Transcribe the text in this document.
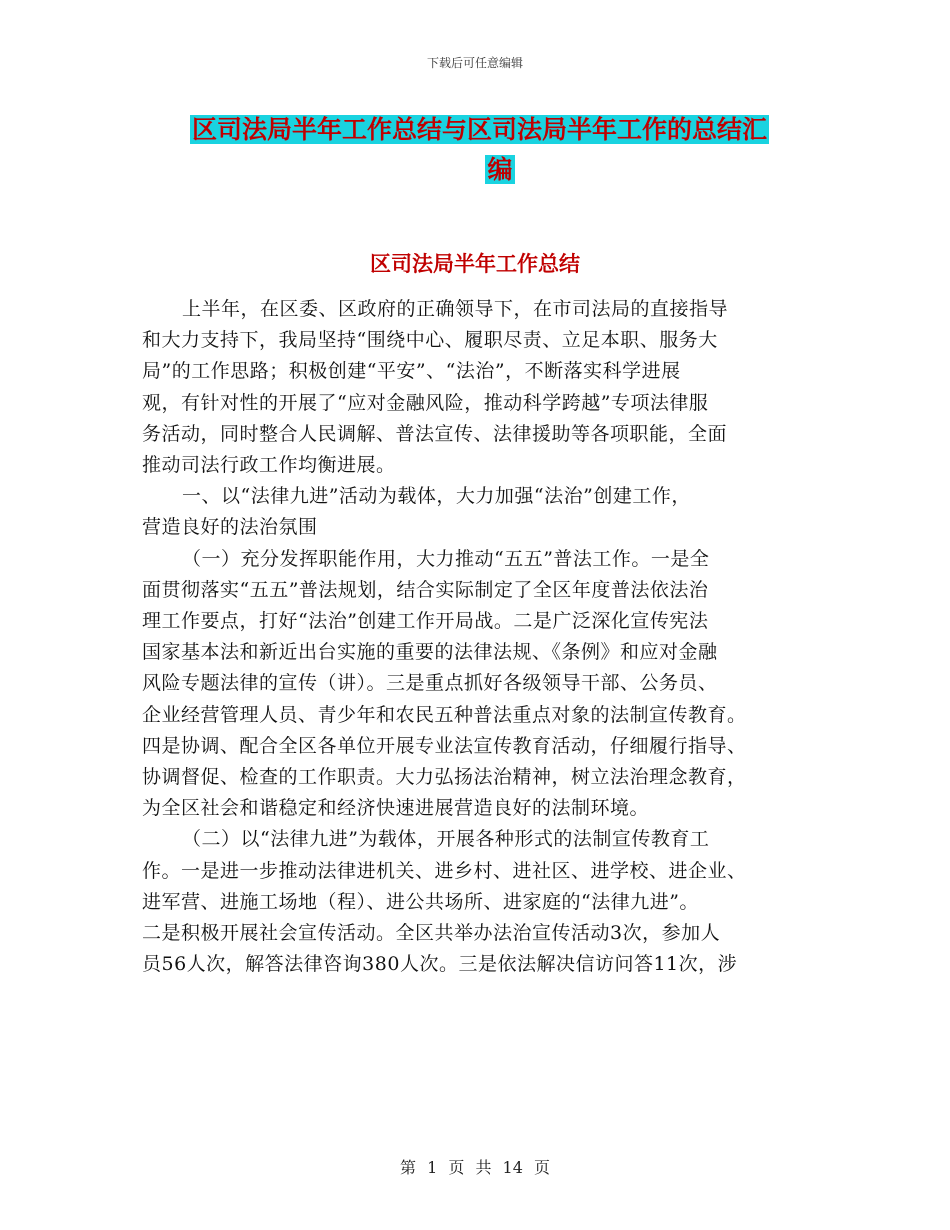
下载后可任意编辑
区司法局半年工作总结与区司法局半年工作的总结汇
编
区司法局半年工作总结
上半年，在区委、区政府的正确领导下，在市司法局的直接指导
和大力支持下，我局坚持“围绕中心、履职尽责、立足本职、服务大
局”的工作思路；积极创建“平安”、“法治”，不断落实科学进展
观，有针对性的开展了“应对金融风险，推动科学跨越”专项法律服
务活动，同时整合人民调解、普法宣传、法律援助等各项职能，全面
推动司法行政工作均衡进展。
一、以“法律九进”活动为载体，大力加强“法治”创建工作，
营造良好的法治氛围
（一）充分发挥职能作用，大力推动“五五”普法工作。一是全
面贯彻落实“五五”普法规划，结合实际制定了全区年度普法依法治
理工作要点，打好“法治”创建工作开局战。二是广泛深化宣传宪法
国家基本法和新近出台实施的重要的法律法规、《条例》和应对金融
风险专题法律的宣传（讲）。三是重点抓好各级领导干部、公务员、
企业经营管理人员、青少年和农民五种普法重点对象的法制宣传教育。
四是协调、配合全区各单位开展专业法宣传教育活动，仔细履行指导、
协调督促、检查的工作职责。大力弘扬法治精神，树立法治理念教育，
为全区社会和谐稳定和经济快速进展营造良好的法制环境。
（二）以“法律九进”为载体，开展各种形式的法制宣传教育工
作。一是进一步推动法律进机关、进乡村、进社区、进学校、进企业、
进军营、进施工场地（程）、进公共场所、进家庭的“法律九进”。
二是积极开展社会宣传活动。全区共举办法治宣传活动3次，参加人
员56人次，解答法律咨询380人次。三是依法解决信访问答11次，涉
第 1 页 共 14 页
